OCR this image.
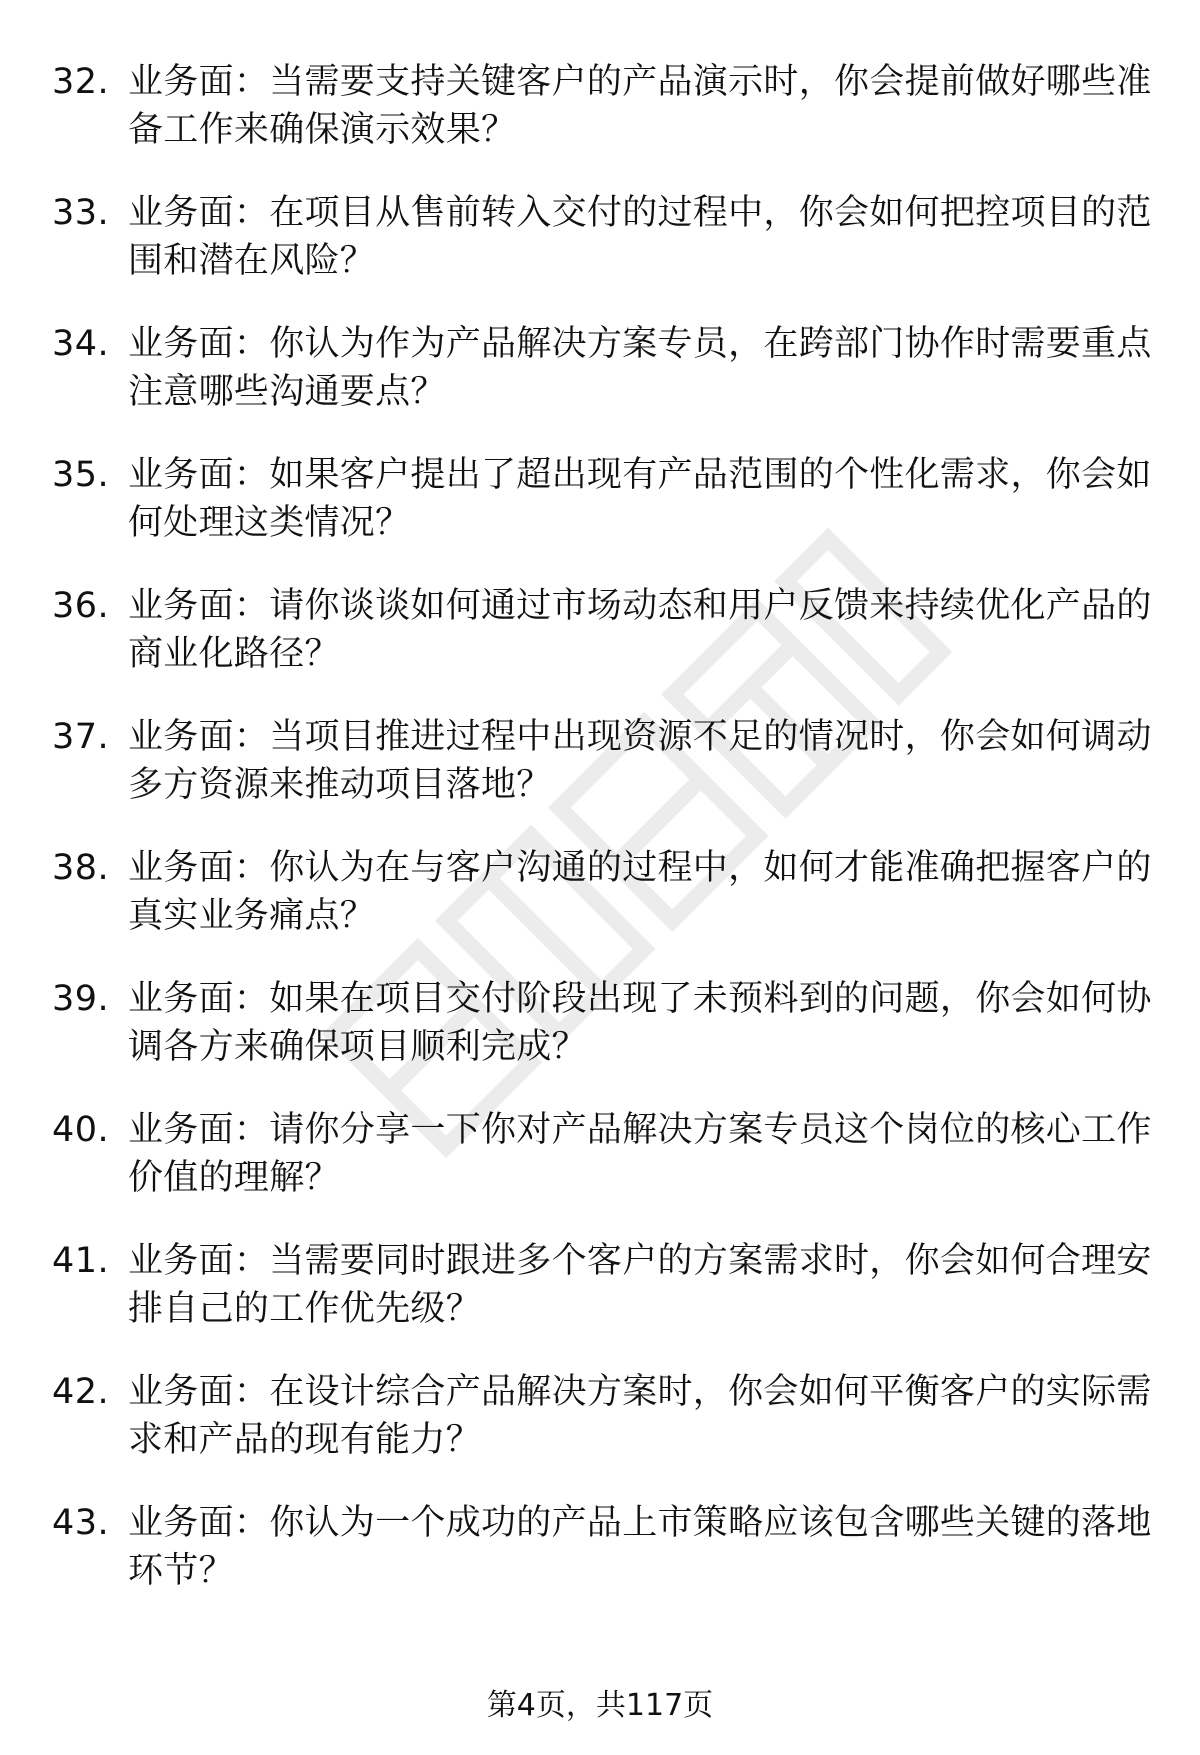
32. 业务面：当需要支持关键客户的产品演示时，你会提前做好哪些准备工作来确保演示效果？
33. 业务面：在项目从售前转入交付的过程中，你会如何把控项目的范围和潜在风险？
34. 业务面：你认为作为产品解决方案专员，在跨部门协作时需要重点注意哪些沟通要点？
35. 业务面：如果客户提出了超出现有产品范围的个性化需求，你会如何处理这类情况？
36. 业务面：请你谈谈如何通过市场动态和用户反馈来持续优化产品的商业化路径？
37. 业务面：当项目推进过程中出现资源不足的情况时，你会如何调动多方资源来推动项目落地？
38. 业务面：你认为在与客户沟通的过程中，如何才能准确把握客户的真实业务痛点？
39. 业务面：如果在项目交付阶段出现了未预料到的问题，你会如何协调各方来确保项目顺利完成？
40. 业务面：请你分享一下你对产品解决方案专员这个岗位的核心工作价值的理解？
41. 业务面：当需要同时跟进多个客户的方案需求时，你会如何合理安排自己的工作优先级？
42. 业务面：在设计综合产品解决方案时，你会如何平衡客户的实际需求和产品的现有能力？
43. 业务面：你认为一个成功的产品上市策略应该包含哪些关键的落地环节？
第4页，共117页
